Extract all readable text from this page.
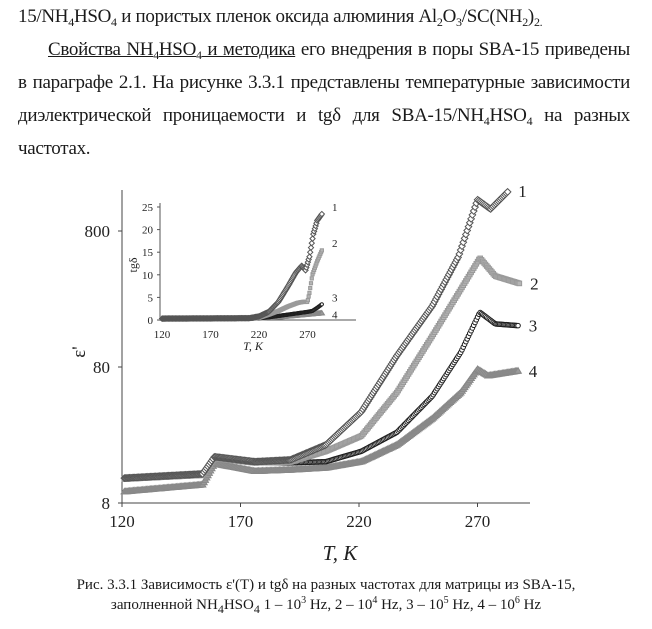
$15/NH_4HSO_4$ и пористых пленок оксида алюминия $Al_2O_3/SC(NH_2)_{2.}$
Свойства $NH_4HSO_4$ и методика его внедрения в поры SBA-15 приведены
в параграфе 2.1. На рисунке 3.3.1 представлены температурные зависимости
диэлектрической проницаемости и tgδ для SBA-$15/NH_4HSO_4$ на разных
частотах.
120	170	220	270
8
80
800
ε'
T, K
4
3
2
1
120	170	220	270
0
5
10
15
20
25
tgδ
T, K
4
3
2
1
Рис. 3.3.1 Зависимость ε'(T) и tgδ на разных частотах для матрицы из SBA-15,
заполненной $NH_4HSO_4$ $1 - 10^3$ Hz, $2 - 10^4$ Hz, $3 - 10^5$ Hz, $4 - 10^6$ Hz
